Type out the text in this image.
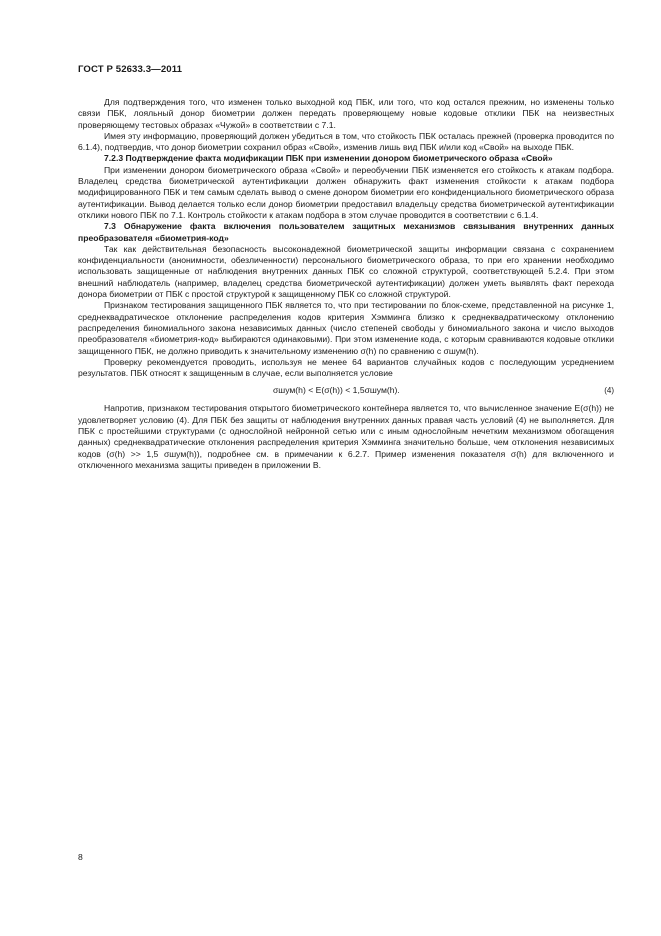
ГОСТ Р 52633.3—2011

Для подтверждения того, что изменен только выходной код ПБК, или того, что код остался прежним, но изменены только связи ПБК, лояльный донор биометрии должен передать проверяющему новые кодовые отклики ПБК на неизвестных проверяющему тестовых образах «Чужой» в соответствии с 7.1.

Имея эту информацию, проверяющий должен убедиться в том, что стойкость ПБК осталась прежней (проверка проводится по 6.1.4), подтвердив, что донор биометрии сохранил образ «Свой», изменив лишь вид ПБК и/или код «Свой» на выходе ПБК.

7.2.3 Подтверждение факта модификации ПБК при изменении донором биометрического образа «Свой»

При изменении донором биометрического образа «Свой» и переобучении ПБК изменяется его стойкость к атакам подбора. Владелец средства биометрической аутентификации должен обнаружить факт изменения стойкости к атакам подбора модифицированного ПБК и тем самым сделать вывод о смене донором биометрии его конфиденциального биометрического образа аутентификации. Вывод делается только если донор биометрии предоставил владельцу средства биометрической аутентификации отклики нового ПБК по 7.1. Контроль стойкости к атакам подбора в этом случае проводится в соответствии с 6.1.4.

7.3 Обнаружение факта включения пользователем защитных механизмов связывания внутренних данных преобразователя «биометрия-код»

Так как действительная безопасность высоконадежной биометрической защиты информации связана с сохранением конфиденциальности (анонимности, обезличенности) персонального биометрического образа, то при его хранении необходимо использовать защищенные от наблюдения внутренних данных ПБК со сложной структурой, соответствующей 5.2.4. При этом внешний наблюдатель (например, владелец средства биометрической аутентификации) должен уметь выявлять факт перехода донора биометрии от ПБК с простой структурой к защищенному ПБК со сложной структурой.

Признаком тестирования защищенного ПБК является то, что при тестировании по блок-схеме, представленной на рисунке 1, среднеквадратическое отклонение распределения кодов критерия Хэмминга близко к среднеквадратическому отклонению распределения биномиального закона независимых данных (число степеней свободы у биномиального закона и число выходов преобразователя «биометрия-код» выбираются одинаковыми). При этом изменение кода, с которым сравниваются кодовые отклики защищенного ПБК, не должно приводить к значительному изменению σ(h) по сравнению с σшум(h).

Проверку рекомендуется проводить, используя не менее 64 вариантов случайных кодов с последующим усреднением результатов. ПБК относят к защищенным в случае, если выполняется условие

σшум(h) < E(σ(h)) < 1,5σшум(h).	(4)

Напротив, признаком тестирования открытого биометрического контейнера является то, что вычисленное значение E(σ(h)) не удовлетворяет условию (4). Для ПБК без защиты от наблюдения внутренних данных правая часть условий (4) не выполняется. Для ПБК с простейшими структурами (с однослойной нейронной сетью или с иным однослойным нечетким механизмом обогащения данных) среднеквадратические отклонения распределения критерия Хэмминга значительно больше, чем отклонения независимых кодов (σ(h) >> 1,5 σшум(h)), подробнее см. в примечании к 6.2.7. Пример изменения показателя σ(h) для включенного и отключенного механизма защиты приведен в приложении В.

8
